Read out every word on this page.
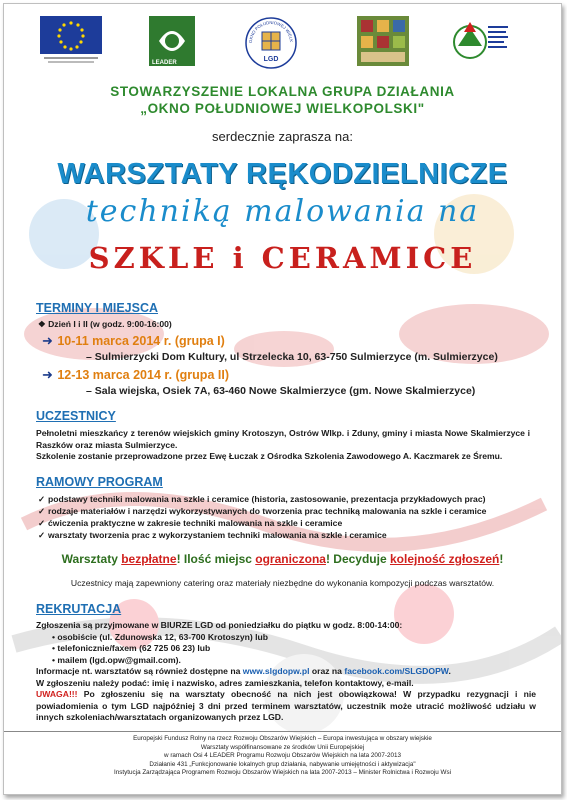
LEADER
OKNO POŁUDNIOWEJ WIELK
LGD
STOWARZYSZENIE LOKALNA GRUPA DZIAŁANIA
„OKNO POŁUDNIOWEJ WIELKOPOLSKI"
serdecznie zaprasza na:
WARSZTATY RĘKODZIELNICZE
techniką malowania na
SZKLE i CERAMICE
TERMINY I MIEJSCA
❖ Dzień I i II (w godz. 9:00-16:00)
➜ 10-11 marca 2014 r. (grupa I)
– Sulmierzycki Dom Kultury, ul Strzelecka 10, 63-750 Sulmierzyce (m. Sulmierzyce)
➜ 12-13 marca 2014 r. (grupa II)
– Sala wiejska, Osiek 7A, 63-460 Nowe Skalmierzyce (gm. Nowe Skalmierzyce)
UCZESTNICY
Pełnoletni mieszkańcy z terenów wiejskich gminy Krotoszyn, Ostrów Wlkp. i Zduny, gminy i miasta Nowe Skalmierzyce i Raszków oraz miasta Sulmierzyce.
Szkolenie zostanie przeprowadzone przez Ewę Łuczak z Ośrodka Szkolenia Zawodowego A. Kaczmarek ze Śremu.
RAMOWY PROGRAM
✓ podstawy techniki malowania na szkle i ceramice (historia, zastosowanie, prezentacja przykładowych prac)
✓ rodzaje materiałów i narzędzi wykorzystywanych do tworzenia prac techniką malowania na szkle i ceramice
✓ ćwiczenia praktyczne w zakresie techniki malowania na szkle i ceramice
✓ warsztaty tworzenia prac z wykorzystaniem techniki malowania na szkle i ceramice
Warsztaty bezpłatne! Ilość miejsc ograniczona! Decyduje kolejność zgłoszeń!
Uczestnicy mają zapewniony catering oraz materiały niezbędne do wykonania kompozycji podczas warsztatów.
REKRUTACJA
Zgłoszenia są przyjmowane w BIURZE LGD od poniedziałku do piątku w godz. 8:00-14:00:
• osobiście (ul. Zdunowska 12, 63-700 Krotoszyn) lub
• telefonicznie/faxem (62 725 06 23) lub
• mailem (lgd.opw@gmail.com).
Informacje nt. warsztatów są również dostępne na www.slgdopw.pl oraz na facebook.com/SLGDOPW.
W zgłoszeniu należy podać: imię i nazwisko, adres zamieszkania, telefon kontaktowy, e-mail.
UWAGA!!! Po zgłoszeniu się na warsztaty obecność na nich jest obowiązkowa! W przypadku rezygnacji i nie powiadomienia o tym LGD najpóźniej 3 dni przed terminem warsztatów, uczestnik może utracić możliwość udziału w innych szkoleniach/warsztatach organizowanych przez LGD.
Europejski Fundusz Rolny na rzecz Rozwoju Obszarów Wiejskich – Europa inwestująca w obszary wiejskie
Warsztaty współfinansowane ze środków Unii Europejskiej
w ramach Osi 4 LEADER Programu Rozwoju Obszarów Wiejskich na lata 2007-2013
Działanie 431 „Funkcjonowanie lokalnych grup działania, nabywanie umiejętności i aktywizacja"
Instytucja Zarządzająca Programem Rozwoju Obszarów Wiejskich na lata 2007-2013 – Minister Rolnictwa i Rozwoju Wsi
